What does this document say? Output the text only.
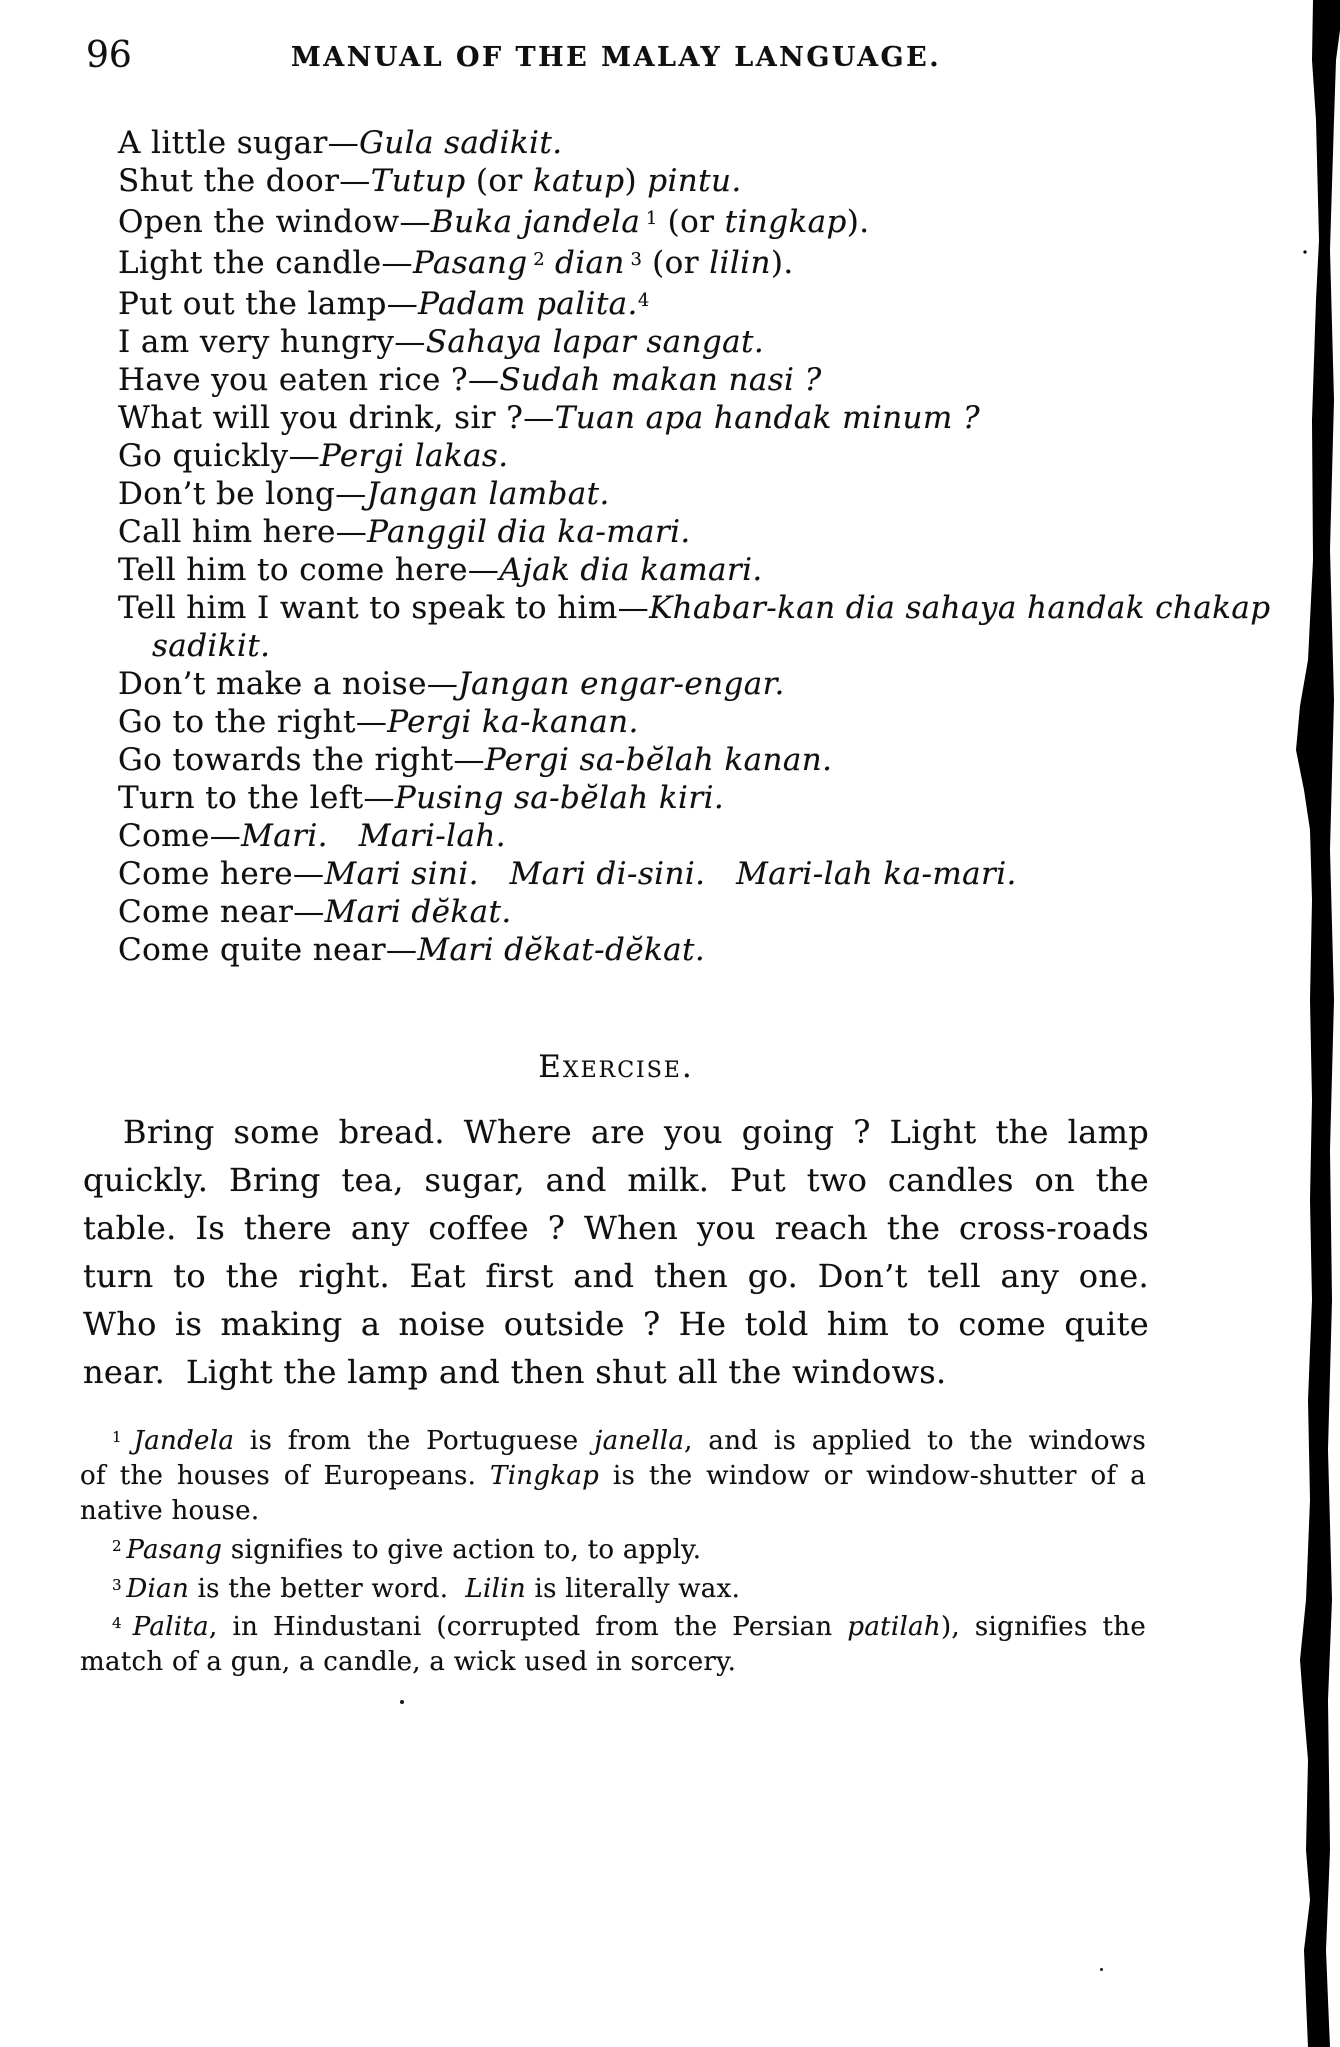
96	MANUAL OF THE MALAY LANGUAGE.
A little sugar—Gula sadikit.
Shut the door—Tutup (or katup) pintu.
Open the window—Buka jandela $^1$ (or tingkap).
Light the candle—Pasang $^2$ dian $^3$ (or lilin).
Put out the lamp—Padam palita.$^4$
I am very hungry—Sahaya lapar sangat.
Have you eaten rice ?—Sudah makan nasi ?
What will you drink, sir ?—Tuan apa handak minum ?
Go quickly—Pergi lakas.
Don’t be long—Jangan lambat.
Call him here—Panggil dia ka-mari.
Tell him to come here—Ajak dia kamari.
Tell him I want to speak to him—Khabar-kan dia sahaya handak chakap
sadikit.
Don’t make a noise—Jangan engar-engar.
Go to the right—Pergi ka-kanan.
Go towards the right—Pergi sa-bĕlah kanan.
Turn to the left—Pusing sa-bĕlah kiri.
Come—Mari.   Mari-lah.
Come here—Mari sini.   Mari di-sini.   Mari-lah ka-mari.
Come near—Mari dĕkat.
Come quite near—Mari dĕkat-dĕkat.
Exercise.
Bring some bread. Where are you going ? Light the lamp
quickly. Bring tea, sugar, and milk. Put two candles on the
table. Is there any coffee ? When you reach the cross-roads
turn to the right. Eat first and then go. Don’t tell any one.
Who is making a noise outside ? He told him to come quite
near.  Light the lamp and then shut all the windows.
$^1$ Jandela is from the Portuguese janella, and is applied to the windows
of the houses of Europeans. Tingkap is the window or window-shutter of a
native house.
$^2$ Pasang signifies to give action to, to apply.
$^3$ Dian is the better word.  Lilin is literally wax.
$^4$ Palita, in Hindustani (corrupted from the Persian patilah), signifies the
match of a gun, a candle, a wick used in sorcery.
